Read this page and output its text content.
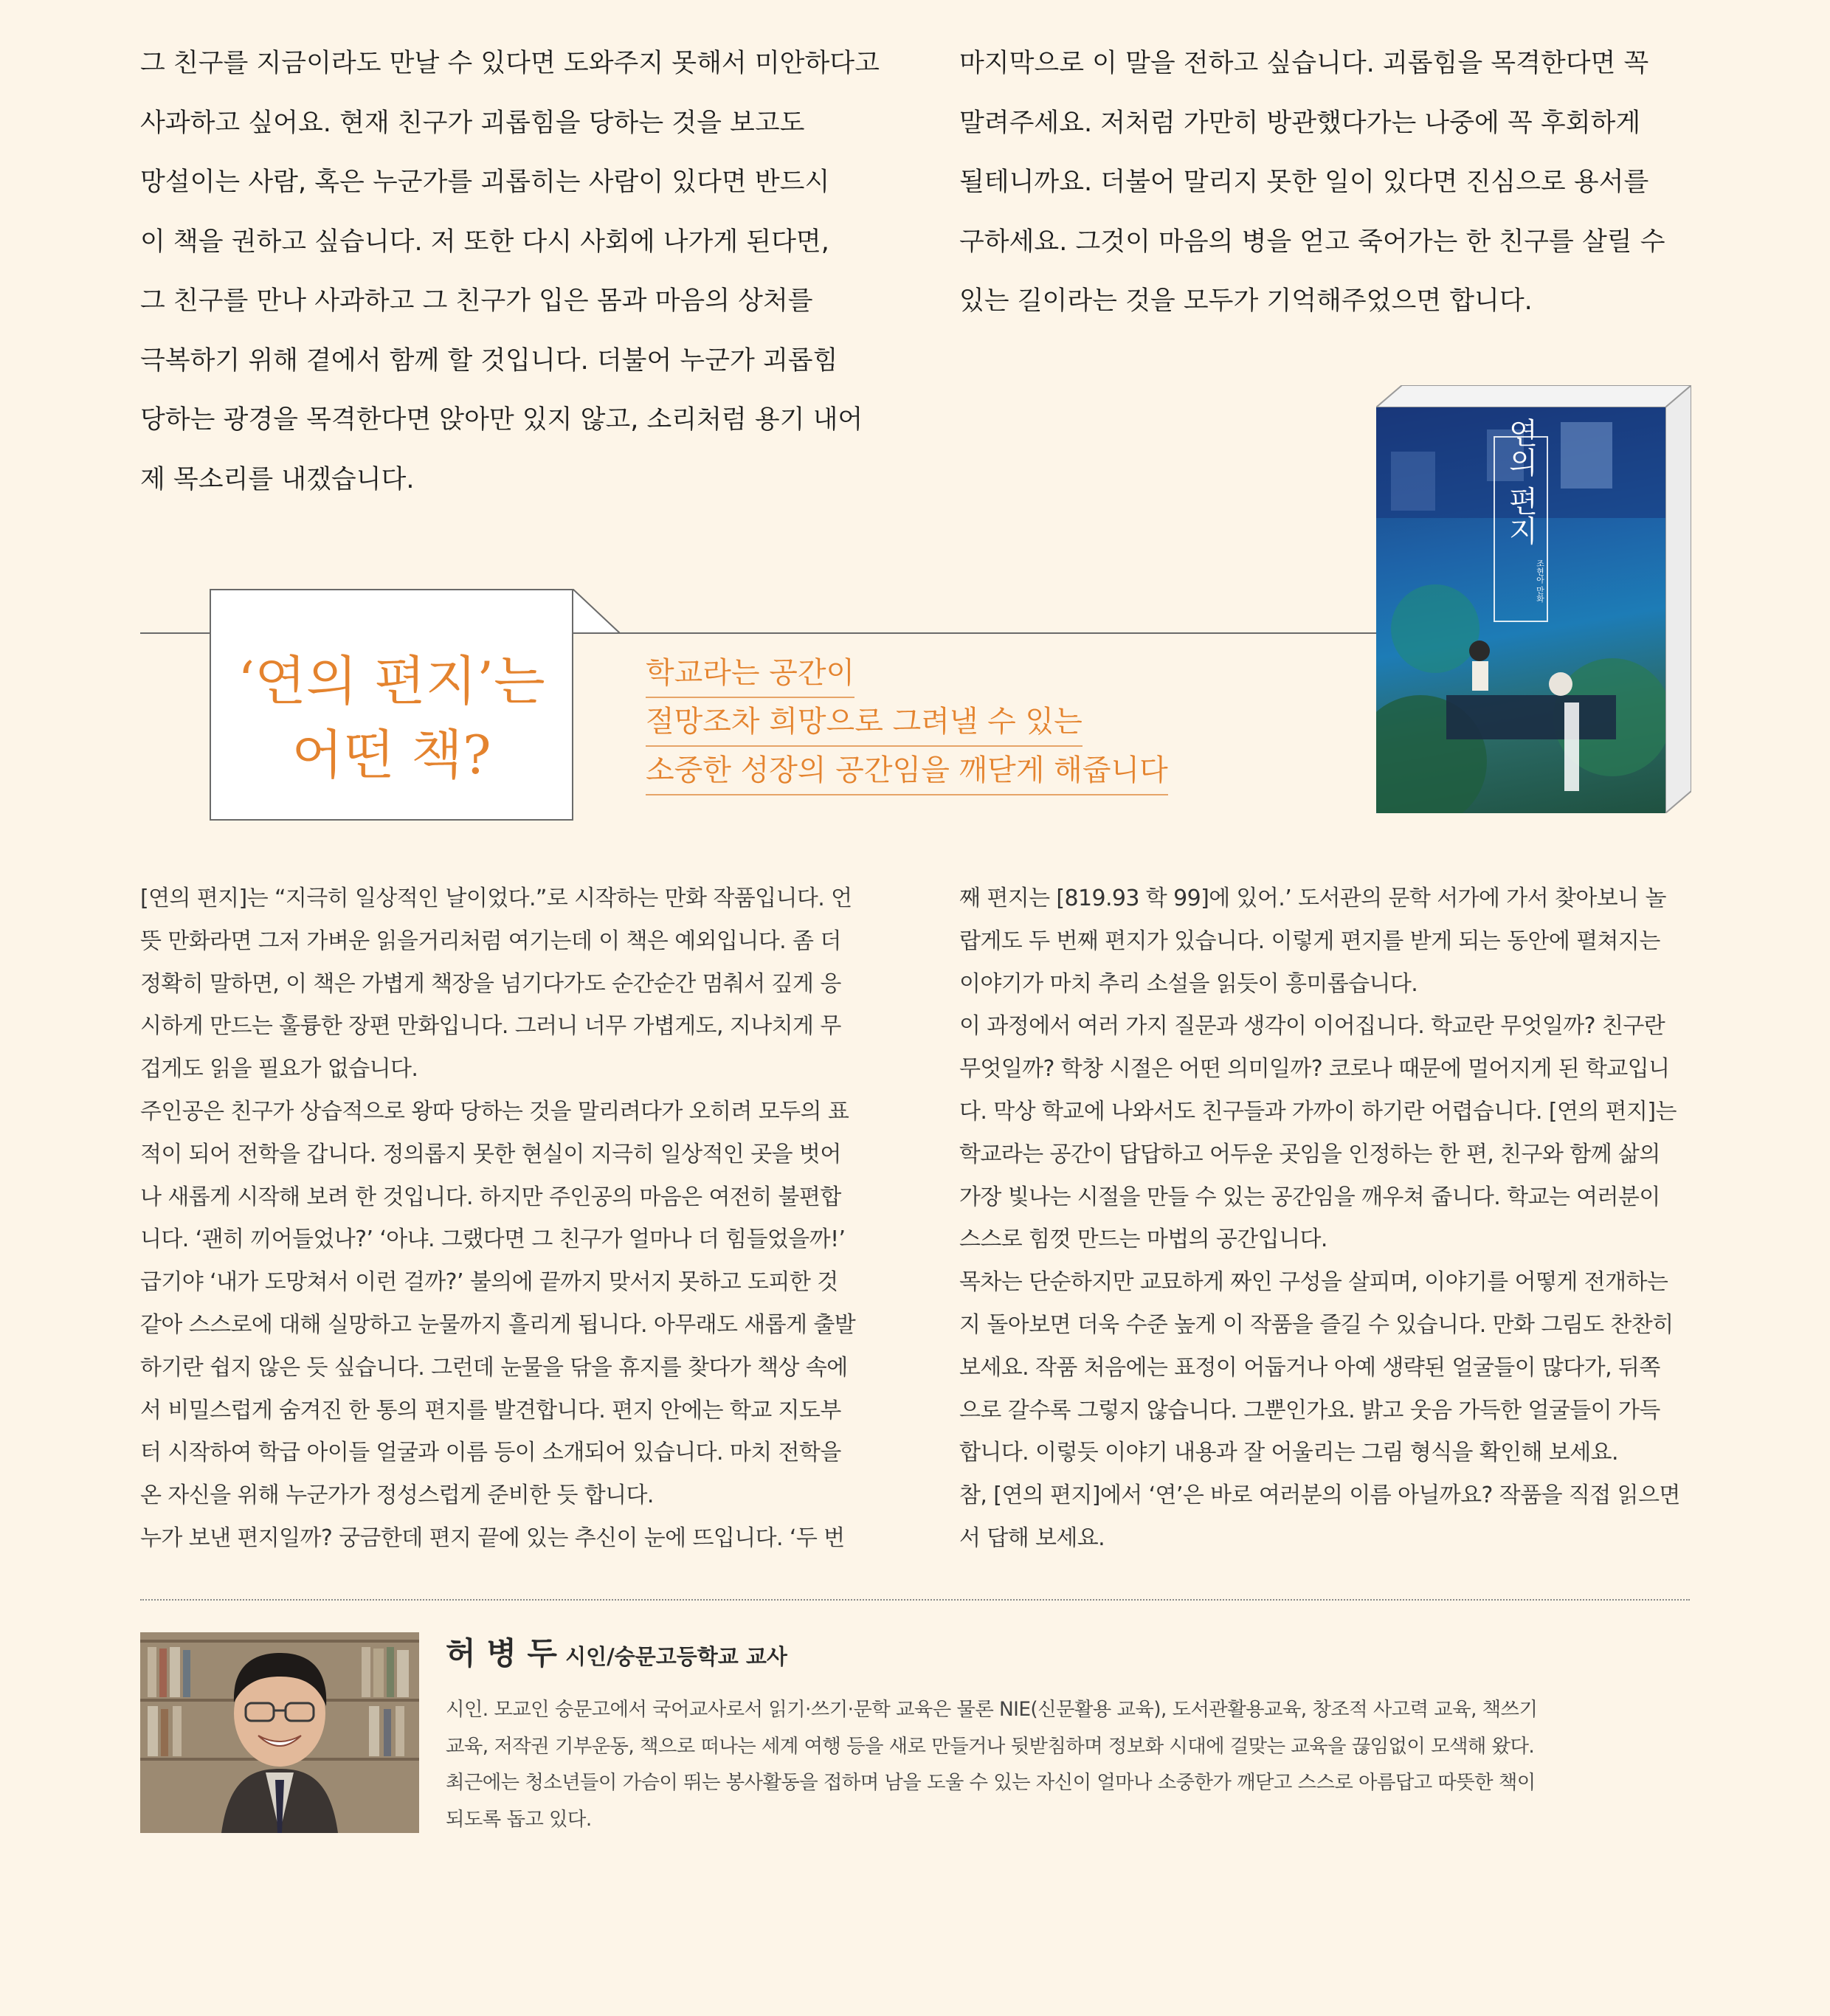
그 친구를 지금이라도 만날 수 있다면 도와주지 못해서 미안하다고

사과하고 싶어요. 현재 친구가 괴롭힘을 당하는 것을 보고도

망설이는 사람, 혹은 누군가를 괴롭히는 사람이 있다면 반드시

이 책을 권하고 싶습니다. 저 또한 다시 사회에 나가게 된다면,

그 친구를 만나 사과하고 그 친구가 입은 몸과 마음의 상처를

극복하기 위해 곁에서 함께 할 것입니다. 더불어 누군가 괴롭힘

당하는 광경을 목격한다면 앉아만 있지 않고, 소리처럼 용기 내어

제 목소리를 내겠습니다.

마지막으로 이 말을 전하고 싶습니다. 괴롭힘을 목격한다면 꼭

말려주세요. 저처럼 가만히 방관했다가는 나중에 꼭 후회하게

될테니까요. 더불어 말리지 못한 일이 있다면 진심으로 용서를

구하세요. 그것이 마음의 병을 얻고 죽어가는 한 친구를 살릴 수

있는 길이라는 것을 모두가 기억해주었으면 합니다.

연의 편지
조현아 만화
‘연의 편지’는
어떤 책?

학교라는 공간이

절망조차 희망으로 그려낼 수 있는

소중한 성장의 공간임을 깨닫게 해줍니다

[연의 편지]는 “지극히 일상적인 날이었다.”로 시작하는 만화 작품입니다. 언

뜻 만화라면 그저 가벼운 읽을거리처럼 여기는데 이 책은 예외입니다. 좀 더

정확히 말하면, 이 책은 가볍게 책장을 넘기다가도 순간순간 멈춰서 깊게 응

시하게 만드는 훌륭한 장편 만화입니다. 그러니 너무 가볍게도, 지나치게 무

겁게도 읽을 필요가 없습니다.

주인공은 친구가 상습적으로 왕따 당하는 것을 말리려다가 오히려 모두의 표

적이 되어 전학을 갑니다. 정의롭지 못한 현실이 지극히 일상적인 곳을 벗어

나 새롭게 시작해 보려 한 것입니다. 하지만 주인공의 마음은 여전히 불편합

니다. ‘괜히 끼어들었나?’ ‘아냐. 그랬다면 그 친구가 얼마나 더 힘들었을까!’

급기야 ‘내가 도망쳐서 이런 걸까?’ 불의에 끝까지 맞서지 못하고 도피한 것

같아 스스로에 대해 실망하고 눈물까지 흘리게 됩니다. 아무래도 새롭게 출발

하기란 쉽지 않은 듯 싶습니다. 그런데 눈물을 닦을 휴지를 찾다가 책상 속에

서 비밀스럽게 숨겨진 한 통의 편지를 발견합니다. 편지 안에는 학교 지도부

터 시작하여 학급 아이들 얼굴과 이름 등이 소개되어 있습니다. 마치 전학을

온 자신을 위해 누군가가 정성스럽게 준비한 듯 합니다.

누가 보낸 편지일까? 궁금한데 편지 끝에 있는 추신이 눈에 뜨입니다. ‘두 번

째 편지는 [819.93 학 99]에 있어.’ 도서관의 문학 서가에 가서 찾아보니 놀

랍게도 두 번째 편지가 있습니다. 이렇게 편지를 받게 되는 동안에 펼쳐지는

이야기가 마치 추리 소설을 읽듯이 흥미롭습니다.

이 과정에서 여러 가지 질문과 생각이 이어집니다. 학교란 무엇일까? 친구란

무엇일까? 학창 시절은 어떤 의미일까? 코로나 때문에 멀어지게 된 학교입니

다. 막상 학교에 나와서도 친구들과 가까이 하기란 어렵습니다. [연의 편지]는

학교라는 공간이 답답하고 어두운 곳임을 인정하는 한 편, 친구와 함께 삶의

가장 빛나는 시절을 만들 수 있는 공간임을 깨우쳐 줍니다. 학교는 여러분이

스스로 힘껏 만드는 마법의 공간입니다.

목차는 단순하지만 교묘하게 짜인 구성을 살피며, 이야기를 어떻게 전개하는

지 돌아보면 더욱 수준 높게 이 작품을 즐길 수 있습니다. 만화 그림도 찬찬히

보세요. 작품 처음에는 표정이 어둡거나 아예 생략된 얼굴들이 많다가, 뒤쪽

으로 갈수록 그렇지 않습니다. 그뿐인가요. 밝고 웃음 가득한 얼굴들이 가득

합니다. 이렇듯 이야기 내용과 잘 어울리는 그림 형식을 확인해 보세요.

참, [연의 편지]에서 ‘연’은 바로 여러분의 이름 아닐까요? 작품을 직접 읽으면

서 답해 보세요.

허 병 두 시인/숭문고등학교 교사

시인. 모교인 숭문고에서 국어교사로서 읽기·쓰기·문학 교육은 물론 NIE(신문활용 교육), 도서관활용교육, 창조적 사고력 교육, 책쓰기

교육, 저작권 기부운동, 책으로 떠나는 세계 여행 등을 새로 만들거나 뒷받침하며 정보화 시대에 걸맞는 교육을 끊임없이 모색해 왔다.

최근에는 청소년들이 가슴이 뛰는 봉사활동을 접하며 남을 도울 수 있는 자신이 얼마나 소중한가 깨닫고 스스로 아름답고 따뜻한 책이

되도록 돕고 있다.
